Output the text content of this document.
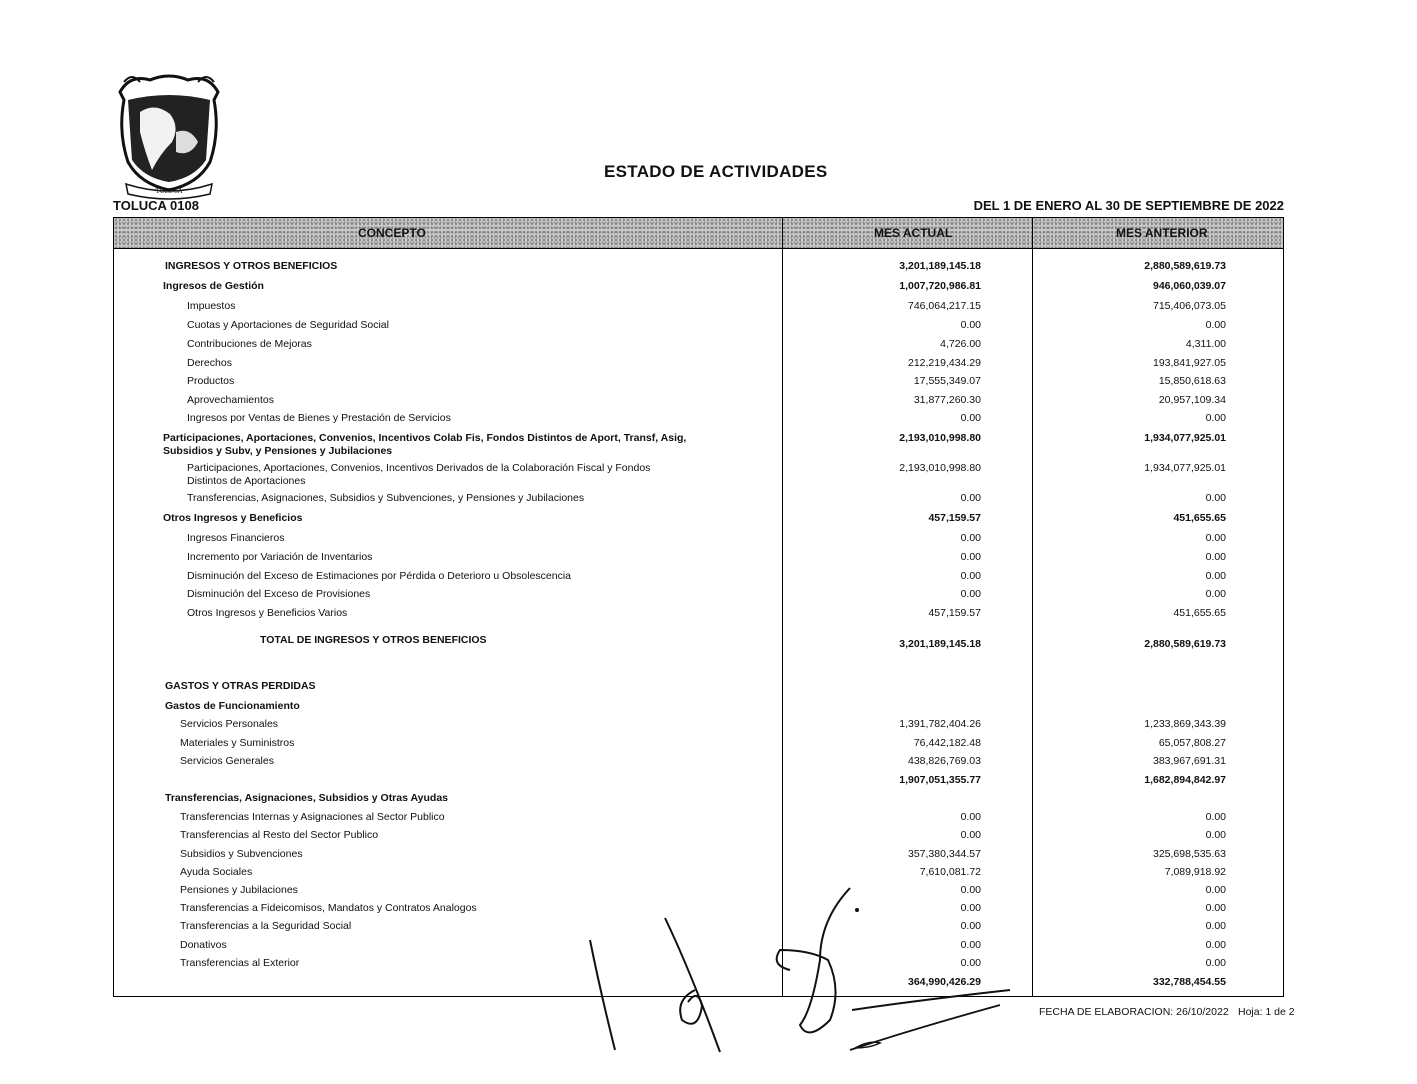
TOLUCA
TOLUCA 0108
ESTADO DE ACTIVIDADES
DEL 1 DE ENERO AL 30 DE SEPTIEMBRE DE 2022
CONCEPTO	MES ACTUAL	MES ANTERIOR
INGRESOS Y OTROS BENEFICIOS	3,201,189,145.18	2,880,589,619.73
Ingresos de Gestión	1,007,720,986.81	946,060,039.07
Impuestos	746,064,217.15	715,406,073.05
Cuotas y Aportaciones de Seguridad Social	0.00	0.00
Contribuciones de Mejoras	4,726.00	4,311.00
Derechos	212,219,434.29	193,841,927.05
Productos	17,555,349.07	15,850,618.63
Aprovechamientos	31,877,260.30	20,957,109.34
Ingresos por Ventas de Bienes y Prestación de Servicios	0.00	0.00
Participaciones, Aportaciones, Convenios, Incentivos Colab Fis, Fondos Distintos de Aport, Transf, Asig, Subsidios y Subv, y Pensiones y Jubilaciones
2,193,010,998.80	1,934,077,925.01
Participaciones, Aportaciones, Convenios, Incentivos Derivados de la Colaboración Fiscal y Fondos Distintos de Aportaciones
2,193,010,998.80	1,934,077,925.01
Transferencias, Asignaciones, Subsidios y Subvenciones, y Pensiones y Jubilaciones	0.00	0.00
Otros Ingresos y Beneficios	457,159.57	451,655.65
Ingresos Financieros	0.00	0.00
Incremento por Variación de Inventarios	0.00	0.00
Disminución del Exceso de Estimaciones por Pérdida o Deterioro u Obsolescencia	0.00	0.00
Disminución del Exceso de Provisiones	0.00	0.00
Otros Ingresos y Beneficios Varios	457,159.57	451,655.65
TOTAL DE INGRESOS Y OTROS BENEFICIOS	3,201,189,145.18	2,880,589,619.73
GASTOS Y OTRAS PERDIDAS
Gastos de Funcionamiento
Servicios Personales	1,391,782,404.26	1,233,869,343.39
Materiales y Suministros	76,442,182.48	65,057,808.27
Servicios Generales	438,826,769.03	383,967,691.31
1,907,051,355.77	1,682,894,842.97
Transferencias, Asignaciones, Subsidios y Otras Ayudas
Transferencias Internas y Asignaciones al Sector Publico	0.00	0.00
Transferencias al Resto del Sector Publico	0.00	0.00
Subsidios y Subvenciones	357,380,344.57	325,698,535.63
Ayuda Sociales	7,610,081.72	7,089,918.92
Pensiones y Jubilaciones	0.00	0.00
Transferencias a Fideicomisos, Mandatos y Contratos Analogos	0.00	0.00
Transferencias a la Seguridad Social	0.00	0.00
Donativos	0.00	0.00
Transferencias al Exterior	0.00	0.00
364,990,426.29	332,788,454.55
FECHA DE ELABORACION: 26/10/2022 Hoja: 1 de 2
